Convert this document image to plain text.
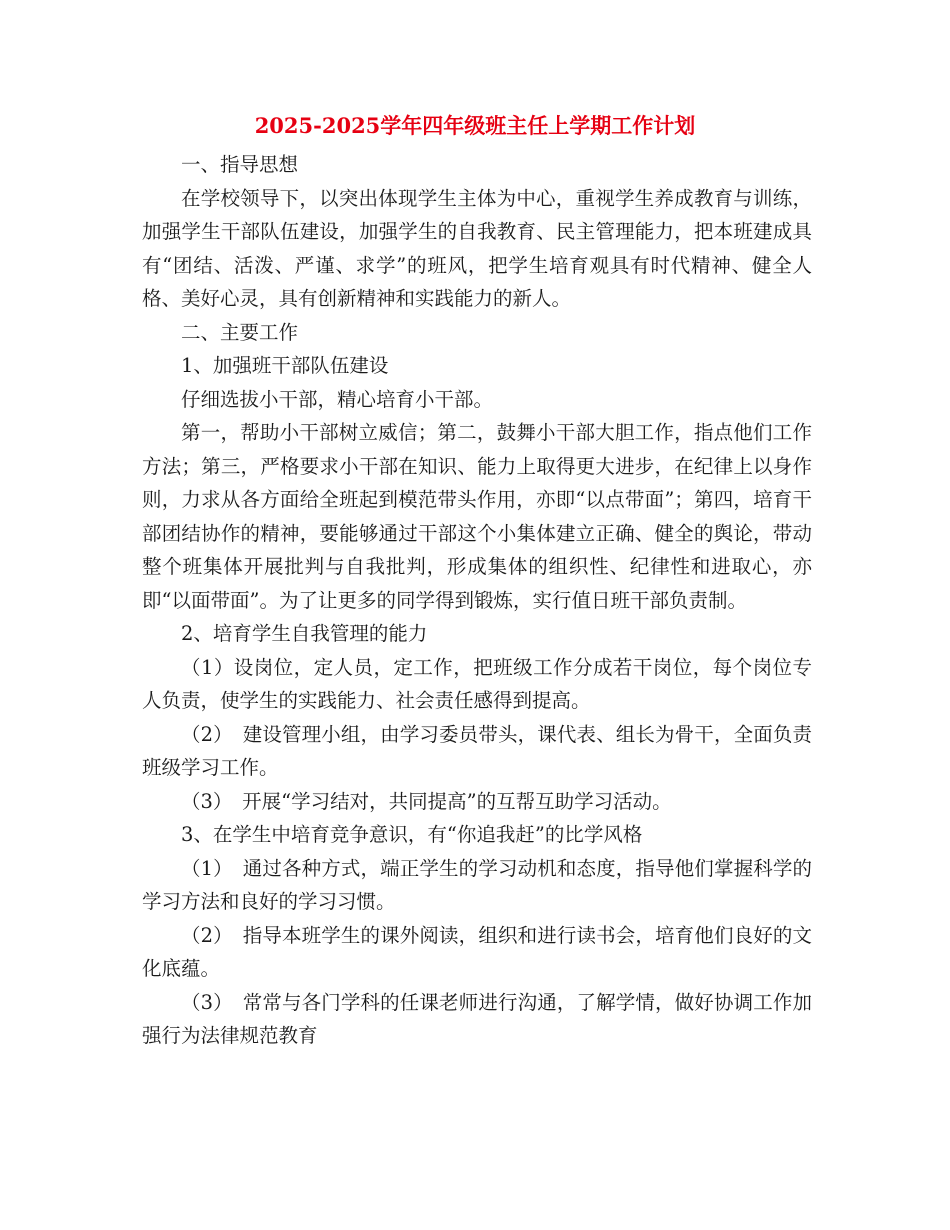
2025-2025学年四年级班主任上学期工作计划

一、指导思想

在学校领导下，以突出体现学生主体为中心，重视学生养成教育与训练，加强学生干部队伍建设，加强学生的自我教育、民主管理能力，把本班建成具有“团结、活泼、严谨、求学”的班风，把学生培育观具有时代精神、健全人格、美好心灵，具有创新精神和实践能力的新人。

二、主要工作

1、加强班干部队伍建设

仔细选拔小干部，精心培育小干部。

第一，帮助小干部树立威信；第二，鼓舞小干部大胆工作，指点他们工作方法；第三，严格要求小干部在知识、能力上取得更大进步，在纪律上以身作则，力求从各方面给全班起到模范带头作用，亦即“以点带面”；第四，培育干部团结协作的精神，要能够通过干部这个小集体建立正确、健全的舆论，带动整个班集体开展批判与自我批判，形成集体的组织性、纪律性和进取心，亦即“以面带面”。为了让更多的同学得到锻炼，实行值日班干部负责制。

2、培育学生自我管理的能力

（1）设岗位，定人员，定工作，把班级工作分成若干岗位，每个岗位专人负责，使学生的实践能力、社会责任感得到提高。

（2）　建设管理小组，由学习委员带头，课代表、组长为骨干，全面负责班级学习工作。

（3）　开展“学习结对，共同提高”的互帮互助学习活动。

3、在学生中培育竞争意识，有“你追我赶”的比学风格

（1）　通过各种方式，端正学生的学习动机和态度，指导他们掌握科学的学习方法和良好的学习习惯。

（2）　指导本班学生的课外阅读，组织和进行读书会，培育他们良好的文化底蕴。

（3）　常常与各门学科的任课老师进行沟通，了解学情，做好协调工作加强行为法律规范教育
